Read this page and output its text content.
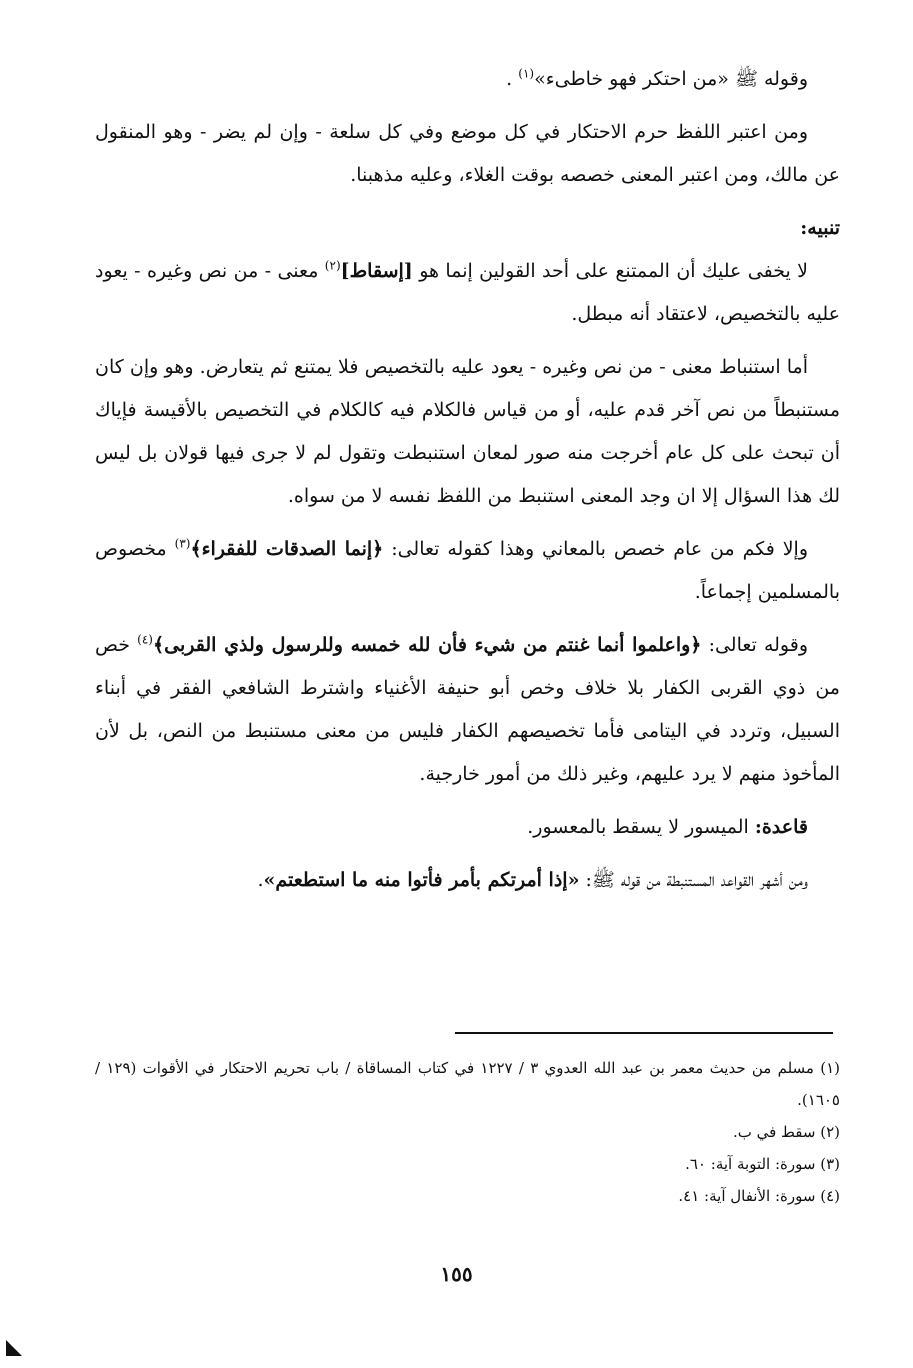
وقوله ﷺ «من احتكر فهو خاطىء»$^{(١)}$ .

ومن اعتبر اللفظ حرم الاحتكار في كل موضع وفي كل سلعة - وإن لم يضر - وهو المنقول عن مالك، ومن اعتبر المعنى خصصه بوقت الغلاء، وعليه مذهبنا.

تنبيه:

لا يخفى عليك أن الممتنع على أحد القولين إنما هو [إسقاط]$^{(٢)}$ معنى - من نص وغيره - يعود عليه بالتخصيص، لاعتقاد أنه مبطل.

أما استنباط معنى - من نص وغيره - يعود عليه بالتخصيص فلا يمتنع ثم يتعارض. وهو وإن كان مستنبطاً من نص آخر قدم عليه، أو من قياس فالكلام فيه كالكلام في التخصيص بالأقيسة فإياك أن تبحث على كل عام أخرجت منه صور لمعان استنبطت وتقول لم لا جرى فيها قولان بل ليس لك هذا السؤال إلا ان وجد المعنى استنبط من اللفظ نفسه لا من سواه.

وإلا فكم من عام خصص بالمعاني وهذا كقوله تعالى: ﴿إنما الصدقات للفقراء﴾$^{(٣)}$ مخصوص بالمسلمين إجماعاً.

وقوله تعالى: ﴿واعلموا أنما غنتم من شيء فأن لله خمسه وللرسول ولذي القربى﴾$^{(٤)}$ خص من ذوي القربى الكفار بلا خلاف وخص أبو حنيفة الأغنياء واشترط الشافعي الفقر في أبناء السبيل، وتردد في اليتامى فأما تخصيصهم الكفار فليس من معنى مستنبط من النص، بل لأن المأخوذ منهم لا يرد عليهم، وغير ذلك من أمور خارجية.

قاعدة: الميسور لا يسقط بالمعسور.

ومن أشهر القواعد المستنبطة من قوله ﷺ: «إذا أمرتكم بأمر فأتوا منه ما استطعتم».

(١) مسلم من حديث معمر بن عبد الله العدوي ٣ / ١٢٢٧ في كتاب المساقاة / باب تحريم الاحتكار في الأقوات (١٢٩ / ١٦٠٥).

(٢) سقط في ب.

(٣) سورة: التوبة آية: ٦٠.

(٤) سورة: الأنفال آية: ٤١.

١٥٥
